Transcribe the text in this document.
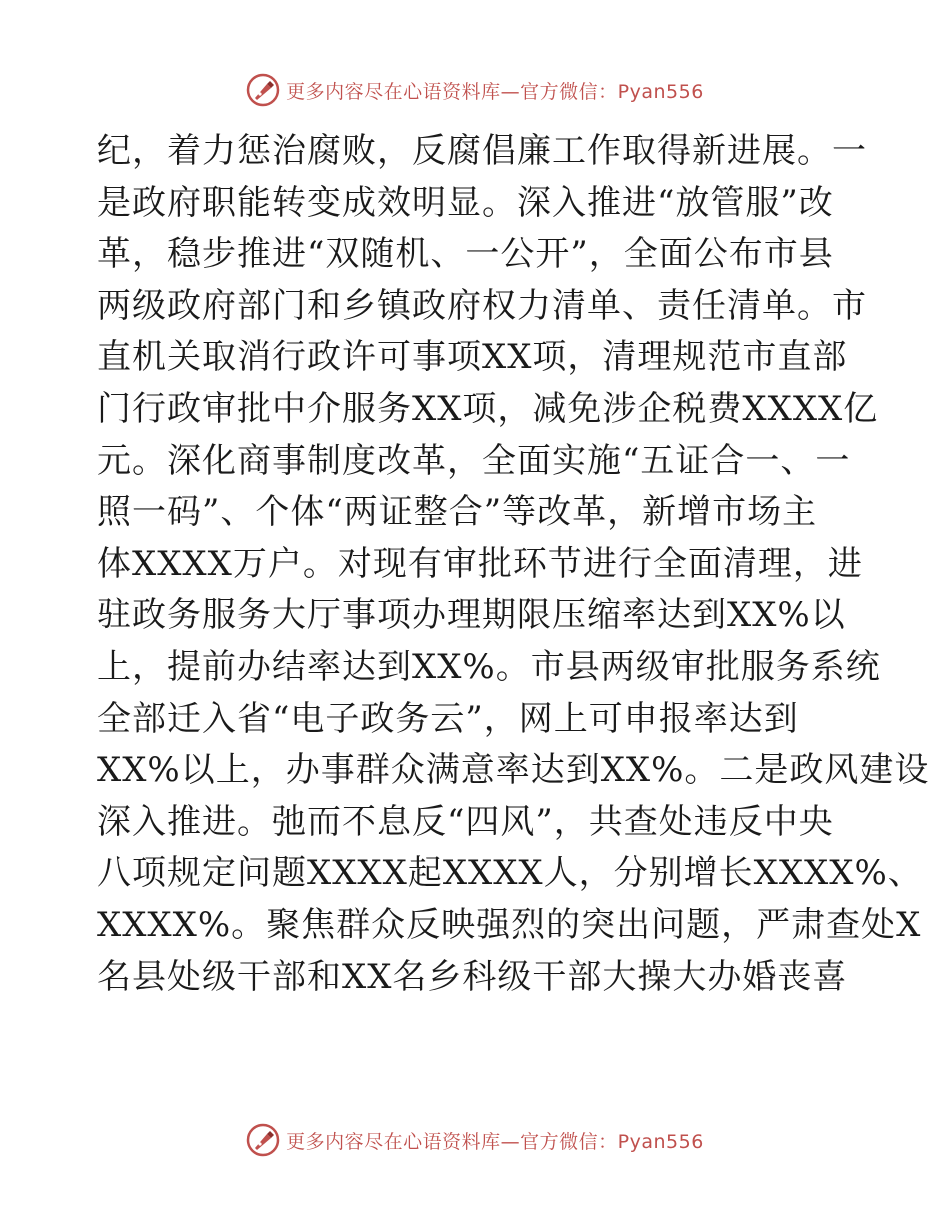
更多内容尽在心语资料库—官方微信：Pyan556
纪，着力惩治腐败，反腐倡廉工作取得新进展。一
是政府职能转变成效明显。深入推进“放管服”改
革，稳步推进“双随机、一公开”，全面公布市县
两级政府部门和乡镇政府权力清单、责任清单。市
直机关取消行政许可事项XX项，清理规范市直部
门行政审批中介服务XX项，减免涉企税费XXXX亿
元。深化商事制度改革，全面实施“五证合一、一
照一码”、个体“两证整合”等改革，新增市场主
体XXXX万户。对现有审批环节进行全面清理，进
驻政务服务大厅事项办理期限压缩率达到XX%以
上，提前办结率达到XX%。市县两级审批服务系统
全部迁入省“电子政务云”，网上可申报率达到
XX%以上，办事群众满意率达到XX%。二是政风建设
深入推进。弛而不息反“四风”，共查处违反中央
八项规定问题XXXX起XXXX人，分别增长XXXX%、
XXXX%。聚焦群众反映强烈的突出问题，严肃查处X
名县处级干部和XX名乡科级干部大操大办婚丧喜
更多内容尽在心语资料库—官方微信：Pyan556
